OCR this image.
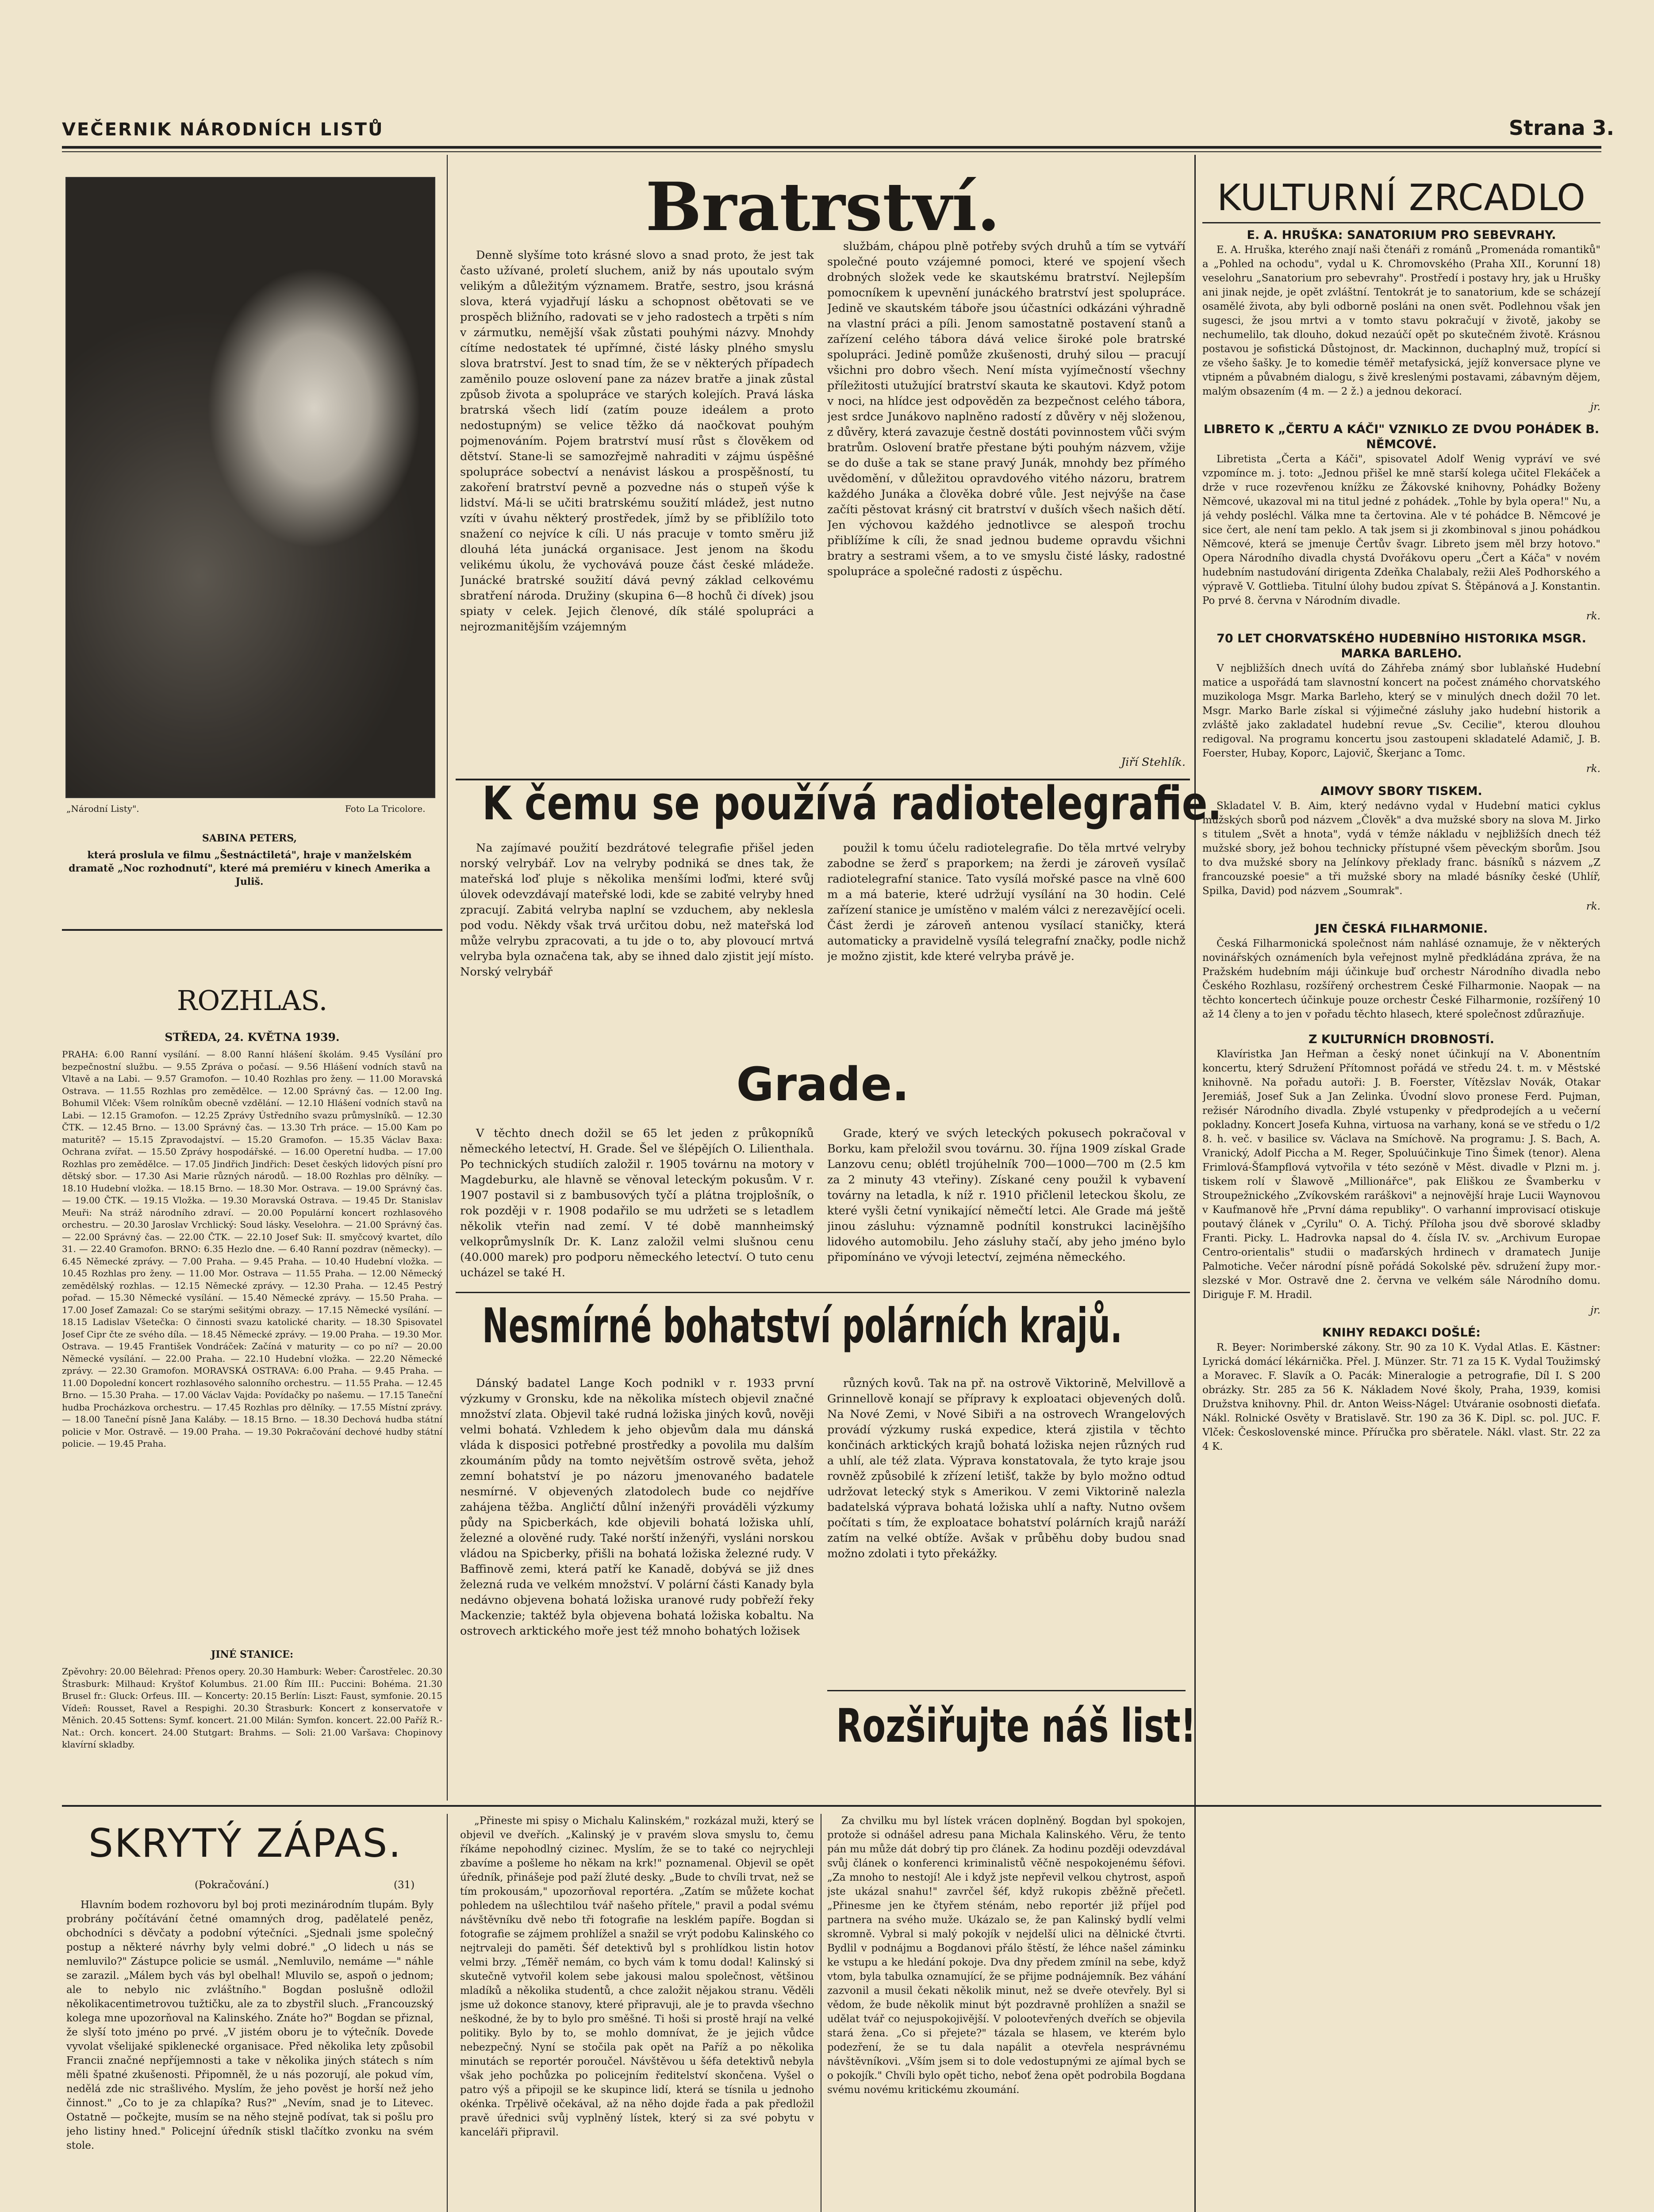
VEČERNIK NÁRODNÍCH LISTŮ	Strana 3.
„Národní Listy".	Foto La Tricolore.
SABINA PETERS,
která proslula ve filmu „Šestnáctiletá", hraje v manželském dramatě „Noc rozhodnutí", které má premiéru v kinech Amerika a Juliš.
ROZHLAS.
STŘEDA, 24. KVĚTNA 1939.

PRAHA: 6.00 Ranní vysílání. — 8.00 Ranní hlášení školám. 9.45 Vysílání pro bezpečnostní službu. — 9.55 Zpráva o počasí. — 9.56 Hlášení vodních stavů na Vltavě a na Labi. — 9.57 Gramofon. — 10.40 Rozhlas pro ženy. — 11.00 Moravská Ostrava. — 11.55 Rozhlas pro zemědělce. — 12.00 Správný čas. — 12.00 Ing. Bohumil Vlček: Všem rolníkům obecně vzdělání. — 12.10 Hlášení vodních stavů na Labi. — 12.15 Gramofon. — 12.25 Zprávy Ústředního svazu průmyslníků. — 12.30 ČTK. — 12.45 Brno. — 13.00 Správný čas. — 13.30 Trh práce. — 15.00 Kam po maturitě? — 15.15 Zpravodajství. — 15.20 Gramofon. — 15.35 Václav Baxa: Ochrana zvířat. — 15.50 Zprávy hospodářské. — 16.00 Operetní hudba. — 17.00 Rozhlas pro zemědělce. — 17.05 Jindřich Jindřich: Deset českých lidových písní pro dětský sbor. — 17.30 Asi Marie různých národů. — 18.00 Rozhlas pro dělníky. — 18.10 Hudební vložka. — 18.15 Brno. — 18.30 Mor. Ostrava. — 19.00 Správný čas. — 19.00 ČTK. — 19.15 Vložka. — 19.30 Moravská Ostrava. — 19.45 Dr. Stanislav Meuři: Na stráž národního zdraví. — 20.00 Populární koncert rozhlasového orchestru. — 20.30 Jaroslav Vrchlický: Soud lásky. Veselohra. — 21.00 Správný čas. — 22.00 Správný čas. — 22.00 ČTK. — 22.10 Josef Suk: II. smyčcový kvartet, dílo 31. — 22.40 Gramofon. BRNO: 6.35 Hezlo dne. — 6.40 Ranní pozdrav (německy). — 6.45 Německé zprávy. — 7.00 Praha. — 9.45 Praha. — 10.40 Hudební vložka. — 10.45 Rozhlas pro ženy. — 11.00 Mor. Ostrava — 11.55 Praha. — 12.00 Německý zemědělský rozhlas. — 12.15 Německé zprávy. — 12.30 Praha. — 12.45 Pestrý pořad. — 15.30 Německé vysílání. — 15.40 Německé zprávy. — 15.50 Praha. — 17.00 Josef Zamazal: Co se starými sešitými obrazy. — 17.15 Německé vysílání. — 18.15 Ladislav Všetečka: O činnosti svazu katolické charity. — 18.30 Spisovatel Josef Cipr čte ze svého díla. — 18.45 Německé zprávy. — 19.00 Praha. — 19.30 Mor. Ostrava. — 19.45 František Vondráček: Začíná v maturity — co po ní? — 20.00 Německé vysílání. — 22.00 Praha. — 22.10 Hudební vložka. — 22.20 Německé zprávy. — 22.30 Gramofon. MORAVSKÁ OSTRAVA: 6.00 Praha. — 9.45 Praha. — 11.00 Dopolední koncert rozhlasového salonního orchestru. — 11.55 Praha. — 12.45 Brno. — 15.30 Praha. — 17.00 Václav Vajda: Povídačky po našemu. — 17.15 Taneční hudba Procházkova orchestru. — 17.45 Rozhlas pro dělníky. — 17.55 Místní zprávy. — 18.00 Taneční písně Jana Kaláby. — 18.15 Brno. — 18.30 Dechová hudba státní policie v Mor. Ostravě. — 19.00 Praha. — 19.30 Pokračování dechové hudby státní policie. — 19.45 Praha.

JINÉ STANICE:

Zpěvohry: 20.00 Bělehrad: Přenos opery. 20.30 Hamburk: Weber: Čarostřelec. 20.30 Štrasburk: Milhaud: Kryštof Kolumbus. 21.00 Řím III.: Puccini: Bohéma. 21.30 Brusel fr.: Gluck: Orfeus. III. — Koncerty: 20.15 Berlín: Liszt: Faust, symfonie. 20.15 Vídeň: Rousset, Ravel a Respighi. 20.30 Štrasburk: Koncert z konservatoře v Měnich. 20.45 Sottens: Symf. koncert. 21.00 Milán: Symfon. koncert. 22.00 Paříž R.-Nat.: Orch. koncert. 24.00 Stutgart: Brahms. — Soli: 21.00 Varšava: Chopinovy klavírní skladby.

Bratrství.

Denně slyšíme toto krásné slovo a snad proto, že jest tak často užívané, proletí sluchem, aniž by nás upoutalo svým velikým a důležitým významem. Bratře, sestro, jsou krásná slova, která vyjadřují lásku a schopnost obětovati se ve prospěch bližního, radovati se v jeho radostech a trpěti s ním v zármutku, nemější však zůstati pouhými názvy. Mnohdy cítíme nedostatek té upřímné, čisté lásky plného smyslu slova bratrství. Jest to snad tím, že se v některých případech zaměnilo pouze oslovení pane za název bratře a jinak zůstal způsob života a spolupráce ve starých kolejích. Pravá láska bratrská všech lidí (zatím pouze ideálem a proto nedostupným) se velice těžko dá naočkovat pouhým pojmenováním. Pojem bratrství musí růst s člověkem od dětství. Stane-li se samozřejmě nahraditi v zájmu úspěšné spolupráce sobectví a nenávist láskou a prospěšností, tu zakoření bratrství pevně a pozvedne nás o stupeň výše k lidství. Má-li se učiti bratrskému soužití mládež, jest nutno vzíti v úvahu některý prostředek, jímž by se přiblížilo toto snažení co nejvíce k cíli. U nás pracuje v tomto směru již dlouhá léta junácká organisace. Jest jenom na škodu velikému úkolu, že vychovává pouze část české mládeže. Junácké bratrské soužití dává pevný základ celkovému sbratření národa. Družiny (skupina 6—8 hochů či dívek) jsou spiaty v celek. Jejich členové, dík stálé spolupráci a nejrozmanitějším vzájemným

službám, chápou plně potřeby svých druhů a tím se vytváří společné pouto vzájemné pomoci, které ve spojení všech drobných složek vede ke skautskému bratrství. Nejlepším pomocníkem k upevnění junáckého bratrství jest spolupráce. Jedině ve skautském táboře jsou účastníci odkázáni výhradně na vlastní práci a píli. Jenom samostatně postavení stanů a zařízení celého tábora dává velice široké pole bratrské spolupráci. Jedině pomůže zkušenosti, druhý silou — pracují všichni pro dobro všech. Není místa vyjímečností všechny příležitosti utužující bratrství skauta ke skautovi. Když potom v noci, na hlídce jest odpověděn za bezpečnost celého tábora, jest srdce Junákovo naplněno radostí z důvěry v něj složenou, z důvěry, která zavazuje čestně dostáti povinnostem vůči svým bratrům. Oslovení bratře přestane býti pouhým názvem, vžije se do duše a tak se stane pravý Junák, mnohdy bez přímého uvědomění, v důležitou opravdového vitého názoru, bratrem každého Junáka a člověka dobré vůle. Jest nejvýše na čase začíti pěstovat krásný cit bratrství v duších všech našich dětí. Jen výchovou každého jednotlivce se alespoň trochu přiblížíme k cíli, že snad jednou budeme opravdu všichni bratry a sestrami všem, a to ve smyslu čisté lásky, radostné spolupráce a společné radosti z úspěchu.

Jiří Stehlík.
K čemu se používá radiotelegrafie.

Na zajímavé použití bezdrátové telegrafie přišel jeden norský velrybář. Lov na velryby podniká se dnes tak, že mateřská loď pluje s několika menšími loďmi, které svůj úlovek odevzdávají mateřské lodi, kde se zabité velryby hned zpracují. Zabitá velryba naplní se vzduchem, aby neklesla pod vodu. Někdy však trvá určitou dobu, než mateřská loď může velrybu zpracovati, a tu jde o to, aby plovoucí mrtvá velryba byla označena tak, aby se ihned dalo zjistit její místo. Norský velrybář

použil k tomu účelu radiotelegrafie. Do těla mrtvé velryby zabodne se žerď s praporkem; na žerdi je zároveň vysílač radiotelegrafní stanice. Tato vysílá mořské pasce na vlně 600 m a má baterie, které udržují vysílání na 30 hodin. Celé zařízení stanice je umístěno v malém válci z nerezavějící oceli. Část žerdi je zároveň antenou vysílací staničky, která automaticky a pravidelně vysílá telegrafní značky, podle nichž je možno zjistit, kde které velryba právě je.

Grade.

V těchto dnech dožil se 65 let jeden z průkopníků německého letectví, H. Grade. Šel ve šlépějích O. Lilienthala. Po technických studiích založil r. 1905 továrnu na motory v Magdeburku, ale hlavně se věnoval leteckým pokusům. V r. 1907 postavil si z bambusových tyčí a plátna trojplošník, o rok později v r. 1908 podařilo se mu udržeti se s letadlem několik vteřin nad zemí. V té době mannheimský velkoprůmyslník Dr. K. Lanz založil velmi slušnou cenu (40.000 marek) pro podporu německého letectví. O tuto cenu ucházel se také H.

Grade, který ve svých leteckých pokusech pokračoval v Borku, kam přeložil svou továrnu. 30. října 1909 získal Grade Lanzovu cenu; oblétl trojúhelník 700—1000—700 m (2.5 km za 2 minuty 43 vteřiny). Získané ceny použil k vybavení továrny na letadla, k níž r. 1910 přičlenil leteckou školu, ze které vyšli četní vynikající němečtí letci. Ale Grade má ještě jinou zásluhu: významně podnítil konstrukci lacinějšího lidového automobilu. Jeho zásluhy stačí, aby jeho jméno bylo připomínáno ve vývoji letectví, zejména německého.

Nesmírné bohatství polárních krajů.

Dánský badatel Lange Koch podnikl v r. 1933 první výzkumy v Gronsku, kde na několika místech objevil značné množství zlata. Objevil také rudná ložiska jiných kovů, nověji velmi bohatá. Vzhledem k jeho objevům dala mu dánská vláda k disposici potřebné prostředky a povolila mu dalším zkoumáním půdy na tomto největším ostrově světa, jehož zemní bohatství je po názoru jmenovaného badatele nesmírné. V objevených zlatodolech bude co nejdříve zahájena těžba. Angličtí důlní inženýři prováděli výzkumy půdy na Spicberkách, kde objevili bohatá ložiska uhlí, železné a olověné rudy. Také norští inženýři, vysláni norskou vládou na Spicberky, přišli na bohatá ložiska železné rudy. V Baffinově zemi, která patří ke Kanadě, dobývá se již dnes železná ruda ve velkém množství. V polární části Kanady byla nedávno objevena bohatá ložiska uranové rudy pobřeží řeky Mackenzie; taktéž byla objevena bohatá ložiska kobaltu. Na ostrovech arktického moře jest též mnoho bohatých ložisek

různých kovů. Tak na př. na ostrově Viktorině, Melvillově a Grinnellově konají se přípravy k exploataci objevených dolů. Na Nové Zemi, v Nové Sibiři a na ostrovech Wrangelových provádí výzkumy ruská expedice, která zjistila v těchto končinách arktických krajů bohatá ložiska nejen různých rud a uhlí, ale též zlata. Výprava konstatovala, že tyto kraje jsou rovněž způsobilé k zřízení letišť, takže by bylo možno odtud udržovat letecký styk s Amerikou. V zemi Viktorině nalezla badatelská výprava bohatá ložiska uhlí a nafty. Nutno ovšem počítati s tím, že exploatace bohatství polárních krajů naráží zatím na velké obtíže. Avšak v průběhu doby budou snad možno zdolati i tyto překážky.

Rozšiřujte náš list!
KULTURNÍ ZRCADLO
E. A. HRUŠKA: SANATORIUM PRO SEBEVRAHY.

E. A. Hruška, kterého znají naši čtenáři z románů „Promenáda romantiků" a „Pohled na ochodu", vydal u K. Chromovského (Praha XII., Korunní 18) veselohru „Sanatorium pro sebevrahy". Prostředí i postavy hry, jak u Hrušky ani jinak nejde, je opět zvláštní. Tentokrát je to sanatorium, kde se scházejí osamělé života, aby byli odborně posláni na onen svět. Podlehnou však jen sugesci, že jsou mrtvi a v tomto stavu pokračují v životě, jakoby se nechumelilo, tak dlouho, dokud nezaúčí opět po skutečném životě. Krásnou postavou je sofistická Důstojnost, dr. Mackinnon, duchaplný muž, tropící si ze všeho šašky. Je to komedie téměř metafysická, jejíž konversace plyne ve vtipném a půvabném dialogu, s živě kreslenými postavami, zábavným dějem, malým obsazením (4 m. — 2 ž.) a jednou dekorací.

jr.
LIBRETO K „ČERTU A KÁČI" VZNIKLO ZE DVOU POHÁDEK B. NĚMCOVÉ.

Libretista „Čerta a Káči", spisovatel Adolf Wenig vypráví ve své vzpomínce m. j. toto: „Jednou přišel ke mně starší kolega učitel Flekáček a drže v ruce rozevřenou knížku ze Žákovské knihovny, Pohádky Boženy Němcové, ukazoval mi na titul jedné z pohádek. „Tohle by byla opera!" Nu, a já vehdy posléchl. Válka mne ta čertovina. Ale v té pohádce B. Němcové je sice čert, ale není tam peklo. A tak jsem si ji zkombinoval s jinou pohádkou Němcové, která se jmenuje Čertův švagr. Libreto jsem měl brzy hotovo." Opera Národního divadla chystá Dvořákovu operu „Čert a Káča" v novém hudebním nastudování dirigenta Zdeňka Chalabaly, režii Aleš Podhorského a výpravě V. Gottlieba. Titulní úlohy budou zpívat S. Štěpánová a J. Konstantin. Po prvé 8. června v Národním divadle.

rk.
70 LET CHORVATSKÉHO HUDEBNÍHO HISTORIKA MSGR. MARKA BARLEHO.

V nejbližších dnech uvítá do Záhřeba známý sbor lublaňské Hudební matice a uspořádá tam slavnostní koncert na počest známého chorvatského muzikologa Msgr. Marka Barleho, který se v minulých dnech dožil 70 let. Msgr. Marko Barle získal si výjimečné zásluhy jako hudební historik a zvláště jako zakladatel hudební revue „Sv. Cecilie", kterou dlouhou redigoval. Na programu koncertu jsou zastoupeni skladatelé Adamič, J. B. Foerster, Hubay, Koporc, Lajovič, Škerjanc a Tomc.

rk.
AIMOVY SBORY TISKEM.

Skladatel V. B. Aim, který nedávno vydal v Hudební matici cyklus mužských sborů pod názvem „Člověk" a dva mužské sbory na slova M. Jirko s titulem „Svět a hnota", vydá v témže nákladu v nejbližších dnech též mužské sbory, jež bohou technicky přístupné všem pěveckým sborům. Jsou to dva mužské sbory na Jelínkovy překlady franc. básníků s názvem „Z francouzské poesie" a tři mužské sbory na mladé básníky české (Uhlíř, Spilka, David) pod názvem „Soumrak".

rk.
JEN ČESKÁ FILHARMONIE.

Česká Filharmonická společnost nám nahlásé oznamuje, že v některých novinářských oznámeních byla veřejnost mylně předkládána zpráva, že na Pražském hudebním máji účinkuje buď orchestr Národního divadla nebo Českého Rozhlasu, rozšířený orchestrem České Filharmonie. Naopak — na těchto koncertech účinkuje pouze orchestr České Filharmonie, rozšířený 10 až 14 členy a to jen v pořadu těchto hlasech, které společnost zdůrazňuje.

Z KULTURNÍCH DROBNOSTÍ.

Klavíristka Jan Heřman a český nonet účinkují na V. Abonentním koncertu, který Sdružení Přítomnost pořádá ve středu 24. t. m. v Městské knihovně. Na pořadu autoři: J. B. Foerster, Vítězslav Novák, Otakar Jeremiáš, Josef Suk a Jan Zelinka. Úvodní slovo pronese Ferd. Pujman, režisér Národního divadla. Zbylé vstupenky v předprodejích a u večerní pokladny. Koncert Josefa Kuhna, virtuosa na varhany, koná se ve středu o 1/2 8. h. več. v basilice sv. Václava na Smíchově. Na programu: J. S. Bach, A. Vranický, Adolf Piccha a M. Reger, Spoluúčinkuje Tino Šimek (tenor). Alena Frimlová-Šťampflová vytvořila v této sezóně v Měst. divadle v Plzni m. j. tiskem rolí v Šlawově „Millionářce", pak Eliškou ze Švamberku v Stroupežnického „Zvíkovském raráškovi" a nejnovější hraje Lucii Waynovou v Kaufmanově hře „První dáma republiky". O varhanní improvisací otiskuje poutavý článek v „Cyrilu" O. A. Tichý. Příloha jsou dvě sborové skladby Franti. Picky. L. Hadrovka napsal do 4. čísla IV. sv. „Archivum Europae Centro-orientalis" studii o maďarských hrdinech v dramatech Junije Palmotiche. Večer národní písně pořádá Sokolské pěv. sdružení župy mor.-slezské v Mor. Ostravě dne 2. června ve velkém sále Národního domu. Diriguje F. M. Hradil.

jr.
KNIHY REDAKCI DOŠLÉ:

R. Beyer: Norimberské zákony. Str. 90 za 10 K. Vydal Atlas. E. Kästner: Lyrická domácí lékárnička. Přel. J. Münzer. Str. 71 za 15 K. Vydal Toužimský a Moravec. F. Slavík a O. Pacák: Mineralogie a petrografie, Díl I. S 200 obrázky. Str. 285 za 56 K. Nákladem Nové školy, Praha, 1939, komisi Družstva knihovny. Phil. dr. Anton Weiss-Nágel: Utváranie osobnosti dieťaťa. Nákl. Rolnické Osvěty v Bratislavě. Str. 190 za 36 K. Dipl. sc. pol. JUC. F. Vlček: Československé mince. Příručka pro sběratele. Nákl. vlast. Str. 22 za 4 K.

SKRYTÝ ZÁPAS.
(Pokračování.)	(31)

Hlavním bodem rozhovoru byl boj proti mezinárodním tlupám. Byly probrány počítávání četné omamných drog, padělatelé peněz, obchodníci s děvčaty a podobní výtečníci. „Sjednali jsme společný postup a některé návrhy byly velmi dobré." „O lidech u nás se nemluvilo?" Zástupce policie se usmál. „Nemluvilo, nemáme —" náhle se zarazil. „Málem bych vás byl obelhal! Mluvilo se, aspoň o jednom; ale to nebylo nic zvláštního." Bogdan poslušně odložil několikacentimetrovou tužtičku, ale za to zbystřil sluch. „Francouzský kolega mne upozorňoval na Kalinského. Znáte ho?" Bogdan se přiznal, že slyší toto jméno po prvé. „V jistém oboru je to výtečník. Dovede vyvolat všelijaké spiklenecké organisace. Před několika lety způsobil Francii značné nepříjemnosti a take v několika jiných státech s ním měli špatné zkušenosti. Připomněl, že u nás pozorují, ale pokud vím, nedělá zde nic strašlivého. Myslím, že jeho pověst je horší než jeho činnost." „Co to je za chlapíka? Rus?" „Nevím, snad je to Litevec. Ostatně — počkejte, musím se na něho stejně podívat, tak si pošlu pro jeho listiny hned." Policejní úředník stiskl tlačítko zvonku na svém stole.

„Přineste mi spisy o Michalu Kalinském," rozkázal muži, který se objevil ve dveřích. „Kalinský je v pravém slova smyslu to, čemu říkáme nepohodlný cizinec. Myslím, že se to také co nejrychleji zbavíme a pošleme ho někam na krk!" poznamenal. Objevil se opět úředník, přinášeje pod paží žluté desky. „Bude to chvíli trvat, než se tím prokousám," upozorňoval reportéra. „Zatím se můžete kochat pohledem na ušlechtilou tvář našeho přítele," pravil a podal svému návštěvníku dvě nebo tři fotografie na lesklém papíře. Bogdan si fotografie se zájmem prohlížel a snažil se vrýt podobu Kalinského co nejtrvaleji do paměti. Šéf detektivů byl s prohlídkou listin hotov velmi brzy. „Téměř nemám, co bych vám k tomu dodal! Kalinský si skutečně vytvořil kolem sebe jakousi malou společnost, většinou mladíků a několika studentů, a chce založit nějakou stranu. Věděli jsme už dokonce stanovy, které připravuji, ale je to pravda všechno neškodné, že by to bylo pro směšné. Ti hoši si prostě hrají na velké politiky. Bylo by to, se mohlo domnívat, že je jejich vůdce nebezpečný. Nyní se stočila pak opět na Paříž a po několika minutách se reportér poroučel. Návštěvou u šéfa detektivů nebyla však jeho pochůzka po policejním ředitelství skončena. Vyšel o patro výš a připojil se ke skupince lidí, která se tísnila u jednoho okénka. Trpělivě očekával, až na něho dojde řada a pak předložil pravě úřednici svůj vyplněný lístek, který si za své pobytu v kanceláři připravil.

Za chvilku mu byl lístek vrácen doplněný. Bogdan byl spokojen, protože si odnášel adresu pana Michala Kalinského. Věru, že tento pán mu může dát dobrý tip pro článek. Za hodinu později odevzdával svůj článek o konferenci kriminalistů věčně nespokojenému šéfovi. „Za mnoho to nestojí! Ale i když jste nepřevil velkou chytrost, aspoň jste ukázal snahu!" zavrčel šéf, když rukopis zběžně přečetl. „Přinesme jen ke čtyřem sténám, nebo reportér již příjel pod partnera na svého muže. Ukázalo se, že pan Kalinský bydlí velmi skromně. Vybral si malý pokojík v nejdelší ulici na dělnické čtvrti. Bydlil v podnájmu a Bogdanovi přálo štěstí, že léhce našel záminku ke vstupu a ke hledání pokoje. Dva dny předem zmínil na sebe, když vtom, byla tabulka oznamující, že se přijme podnájemník. Bez váhání zazvonil a musil čekati několik minut, než se dveře otevřely. Byl si vědom, že bude několik minut být pozdravně prohlížen a snažil se udělat tvář co nejuspokojivější. V polootevřených dveřích se objevila stará žena. „Co si přejete?" tázala se hlasem, ve kterém bylo podezření, že se tu dala napálit a otevřela nesprávnému návštěvníkovi. „Vším jsem si to dole vedostupnými ze ajímal bych se o pokojík." Chvíli bylo opět ticho, neboť žena opět podrobila Bogdana svému novému kritickému zkoumání.
